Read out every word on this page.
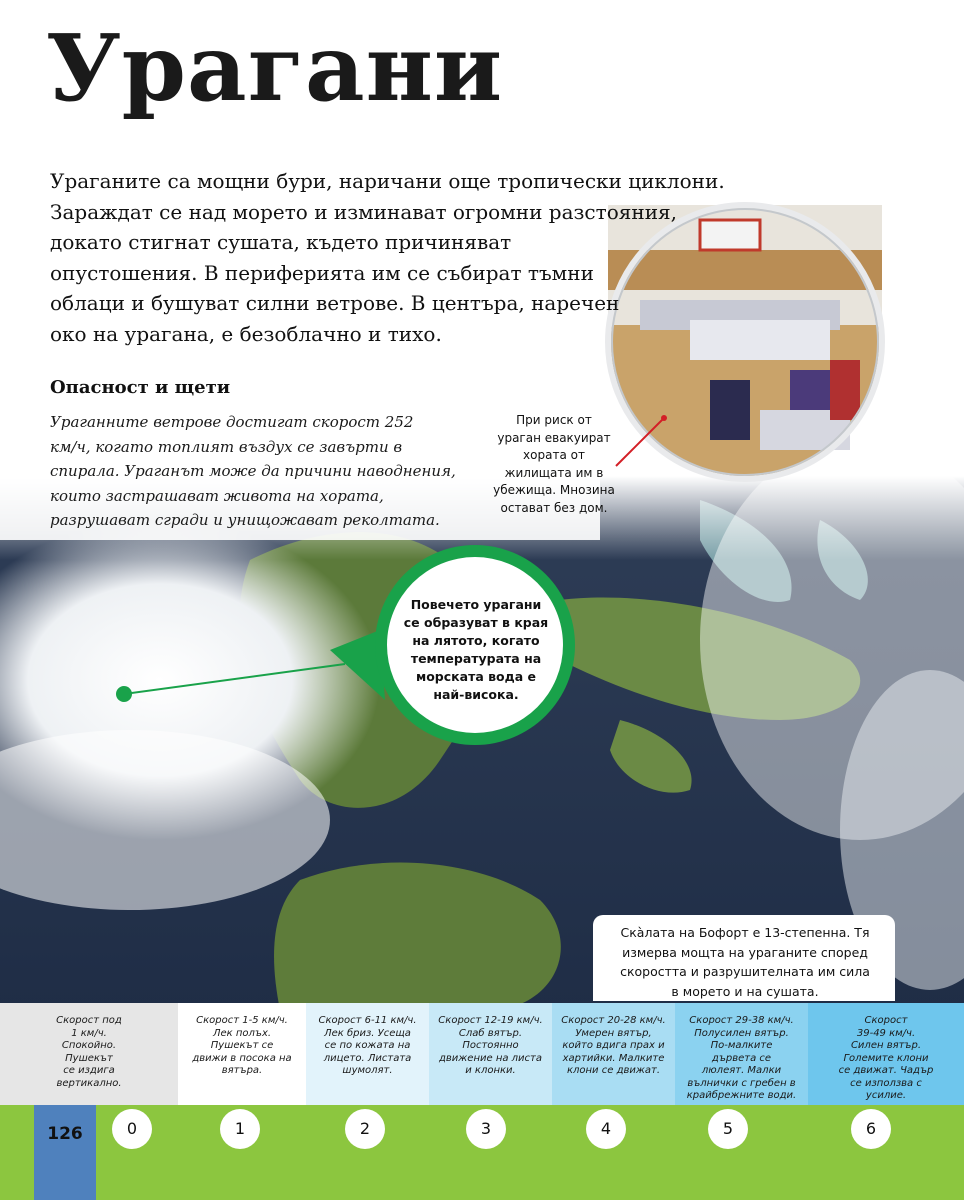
Повечето урагани
се образуват в края
на лятото, когато
температурата на
морската вода е
най-висока.
Урагани
Ураганите са мощни бури, наричани още тропически циклони.
Зараждат се над морето и изминават огромни разстояния,
докато стигнат сушата, където причиняват
опустошения. В периферията им се събират тъмни
облаци и бушуват силни ветрове. В центъра, наречен
око на урагана, е безоблачно и тихо.
Опасност и щети
Ураганните ветрове достигат скорост 252
км/ч, когато топлият въздух се завърти в
спирала. Ураганът може да причини наводнения,
които застрашават живота на хората,
разрушават сгради и унищожават реколтата.
При риск от
ураган евакуират
хората от
жилищата им в
убежища. Мнозина
остават без дом.
Скàлата на Бофорт е 13-степенна. Тя
измерва мощта на ураганите според
скоростта и разрушителната им сила
в морето и на сушата.
Скорост под
1 км/ч.
Спокойно.
Пушекът
се издига
вертикално.
Скорост 1-5 км/ч.
Лек полъх.
Пушекът се
движи в посока на
вятъра.
Скорост 6-11 км/ч.
Лек бриз. Усеща
се по кожата на
лицето. Листата
шумолят.
Скорост 12-19 км/ч.
Слаб вятър.
Постоянно
движение на листа
и клонки.
Скорост 20-28 км/ч.
Умерен вятър,
който вдига прах и
хартийки. Малките
клони се движат.
Скорост 29-38 км/ч.
Полусилен вятър.
По-малките
дървета се
люлеят. Малки
вълнички с гребен в
крайбрежните води.
Скорост
39-49 км/ч.
Силен вятър.
Големите клони
се движат. Чадър
се използва с
усилие.
126	0	1	2	3	4	5	6
